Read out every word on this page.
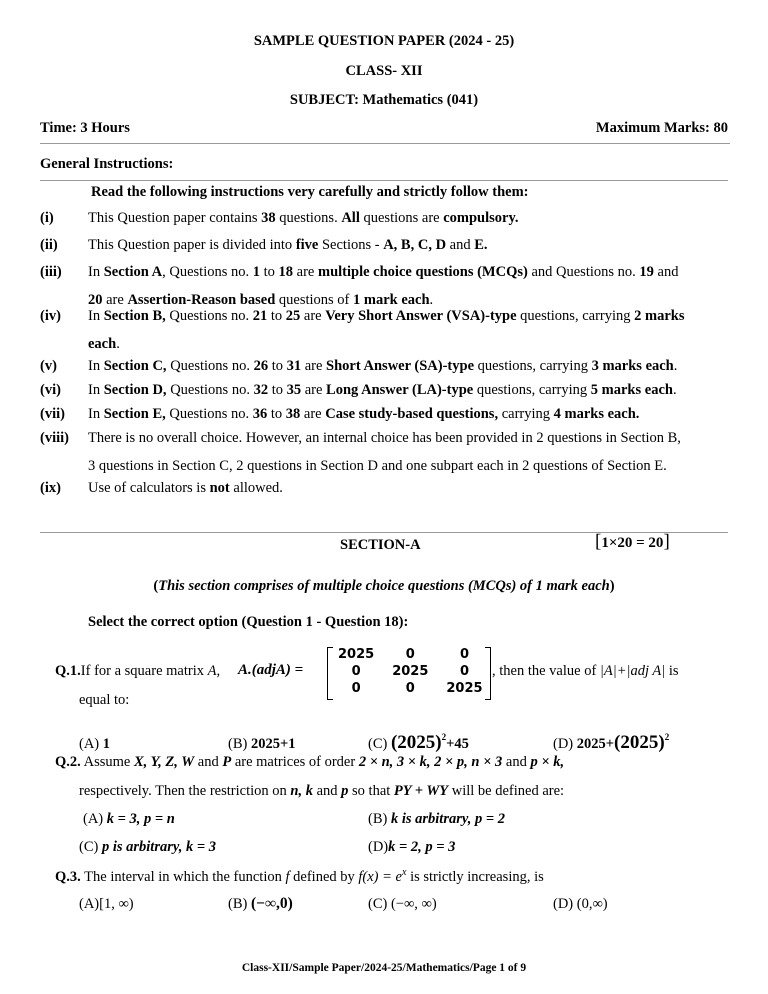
SAMPLE QUESTION PAPER (2024 - 25)
CLASS- XII
SUBJECT: Mathematics (041)
Time: 3 Hours	Maximum Marks: 80
General Instructions:
Read the following instructions very carefully and strictly follow them:
(i) This Question paper contains 38 questions. All questions are compulsory.
(ii) This Question paper is divided into five Sections - A, B, C, D and E.
(iii) In Section A, Questions no. 1 to 18 are multiple choice questions (MCQs) and Questions no. 19 and
20 are Assertion-Reason based questions of 1 mark each.
(iv) In Section B, Questions no. 21 to 25 are Very Short Answer (VSA)-type questions, carrying 2 marks
each.
(v) In Section C, Questions no. 26 to 31 are Short Answer (SA)-type questions, carrying 3 marks each.
(vi) In Section D, Questions no. 32 to 35 are Long Answer (LA)-type questions, carrying 5 marks each.
(vii) In Section E, Questions no. 36 to 38 are Case study-based questions, carrying 4 marks each.
(viii) There is no overall choice. However, an internal choice has been provided in 2 questions in Section B,
3 questions in Section C, 2 questions in Section D and one subpart each in 2 questions of Section E.
(ix) Use of calculators is not allowed.
SECTION-A	[1×20 = 20]
(This section comprises of multiple choice questions (MCQs) of 1 mark each)
Select the correct option (Question 1 - Question 18):
Q.1.If for a square matrix A, A.(adjA) =
2025	0	0
0	2025	0
0	0	2025
, then the value of |A|+|adj A| is
equal to:
(A) 1	(B) 2025+1	(C) $(2025)^2+45$	(D) $2025+(2025)^2$
Q.2. Assume X, Y, Z, W and P are matrices of order 2 × n, 3 × k, 2 × p, n × 3 and p × k,
respectively. Then the restriction on n, k and p so that PY + WY will be defined are:
(A) k = 3, p = n	(B) k is arbitrary, p = 2
(C) p is arbitrary, k = 3	(D)k = 2, p = 3
Q.3. The interval in which the function f defined by $f(x) = e^x$ is strictly increasing, is
(A)[1, ∞)	(B) (−∞,0)	(C) (−∞, ∞)	(D) (0,∞)
Class-XII/Sample Paper/2024-25/Mathematics/Page 1 of 9
